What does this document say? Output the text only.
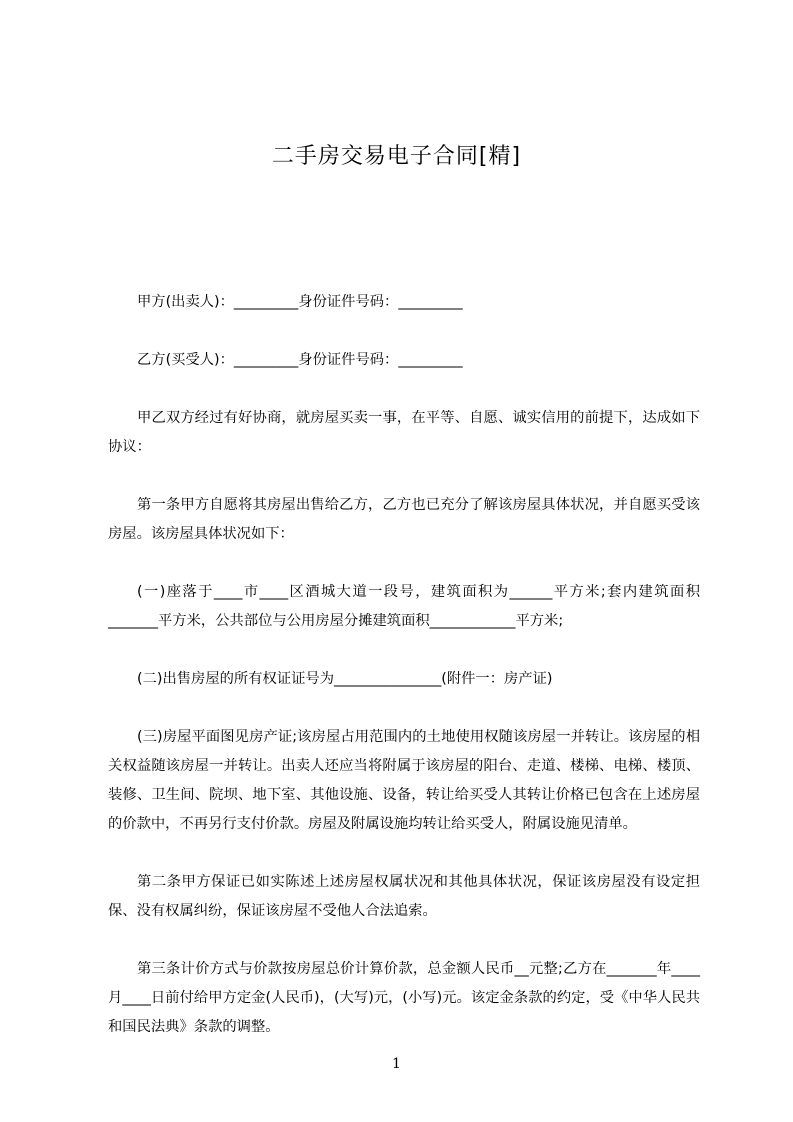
二手房交易电子合同[精]

甲方(出卖人)：_________身份证件号码：_________

乙方(买受人)：_________身份证件号码：_________

甲乙双方经过有好协商，就房屋买卖一事，在平等、自愿、诚实信用的前提下，达成如下协议：

第一条甲方自愿将其房屋出售给乙方，乙方也已充分了解该房屋具体状况，并自愿买受该房屋。该房屋具体状况如下：

(一)座落于____市____区酒城大道一段号，建筑面积为______平方米;套内建筑面积_______平方米，公共部位与公用房屋分摊建筑面积____________平方米;

(二)出售房屋的所有权证证号为_______________(附件一：房产证)

(三)房屋平面图见房产证;该房屋占用范围内的土地使用权随该房屋一并转让。该房屋的相关权益随该房屋一并转让。出卖人还应当将附属于该房屋的阳台、走道、楼梯、电梯、楼顶、装修、卫生间、院坝、地下室、其他设施、设备，转让给买受人其转让价格已包含在上述房屋的价款中，不再另行支付价款。房屋及附属设施均转让给买受人，附属设施见清单。

第二条甲方保证已如实陈述上述房屋权属状况和其他具体状况，保证该房屋没有设定担保、没有权属纠纷，保证该房屋不受他人合法追索。

第三条计价方式与价款按房屋总价计算价款，总金额人民币__元整;乙方在_______年____月____日前付给甲方定金(人民币)，(大写)元，(小写)元。该定金条款的约定，受《中华人民共和国民法典》条款的调整。

1
